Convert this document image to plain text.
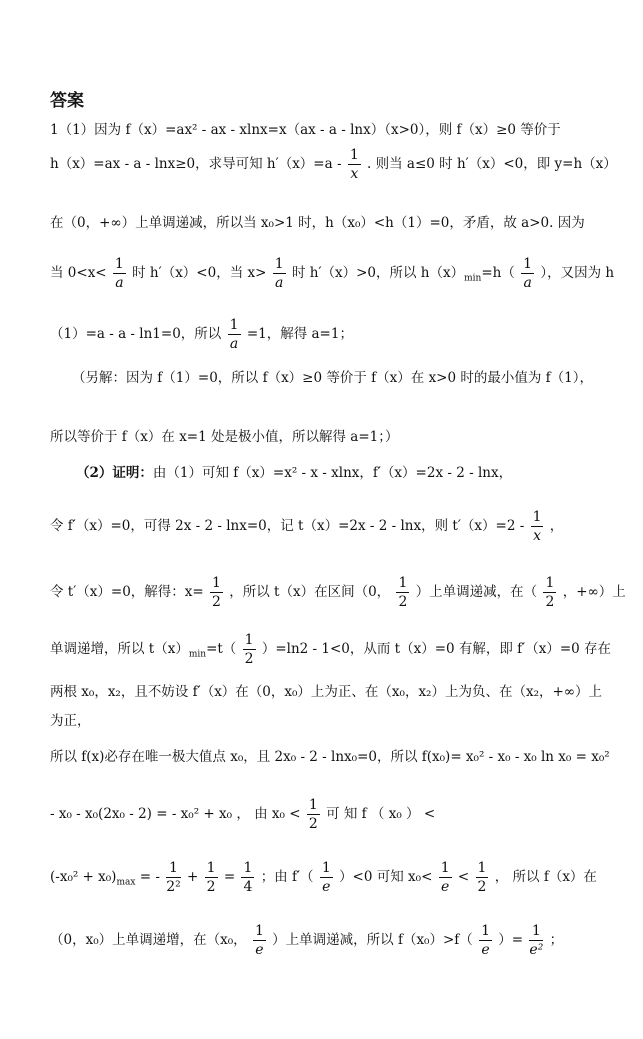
答案
1（1）因为 f（x）=ax² - ax - xlnx=x（ax - a - lnx）（x>0），则 f（x）≥0 等价于
h（x）=ax - a - lnx≥0，求导可知 $h'(x)=a - \frac{1}{x}$ . 则当 a≤0 时 h′（x）<0，即 y=h（x）
在（0，+∞）上单调递减，所以当 x₀>1 时，h（x₀）<h（1）=0，矛盾，故 a>0. 因为
当 $0<x< \frac{1}{a}$ 时 h′（x）<0，当 $x> \frac{1}{a}$ 时 h′（x）>0，所以 $h(x)_{min}=h( \frac{1}{a}$ ），又因为 h
（1）=a - a - ln1=0，所以 $\frac{1}{a} =1$，解得 a=1；
（另解：因为 f（1）=0，所以 f（x）≥0 等价于 f（x）在 x>0 时的最小值为 f（1），
所以等价于 f（x）在 x=1 处是极小值，所以解得 a=1；）
（2）证明：由（1）可知 f（x）=x² - x - xlnx，f′（x）=2x - 2 - lnx，
令 f′（x）=0，可得 2x - 2 - lnx=0，记 t（x）=2x - 2 - lnx，则 $t'(x)=2 - \frac{1}{x}$ ，
令 t′（x）=0，解得：$x= \frac{1}{2}$ ，所以 t（x）在区间（0， $\frac{1}{2}$ ）上单调递减，在（ $\frac{1}{2}$ ，+∞）上
单调递增，所以 $t(x)_{min}=t( \frac{1}{2} )=\ln 2 - 1<0$，从而 t（x）=0 有解，即 f′（x）=0 存在
两根 x₀，x₂，且不妨设 f′（x）在（0，x₀）上为正、在（x₀，x₂）上为负、在（x₂，+∞）上
为正，
所以 f(x)必存在唯一极大值点 x₀，且 2x₀ - 2 - lnx₀=0，所以 f(x₀)= x₀² - x₀ - x₀ ln x₀ = x₀²
- x₀ - x₀(2x₀ - 2) = - x₀² + x₀ ， 由 $x_0 < \frac{1}{2}$ 可 知 f （ x₀ ） <
$(-x_0^2 + x_0)_{max}$ = - $\frac{1}{\text{2²}} + \frac{1}{2} = \frac{1}{4}$ ；由 $f'( \frac{1}{e} )<0$ 可知 $x_0< \frac{1}{e} < \frac{1}{2}$ ， 所以 f（x）在
（0，x₀）上单调递增，在（x₀， $\frac{1}{e}$ ）上单调递减，所以 $f(x_0)>f( \frac{1}{e}$ ）= $\frac{1}{\text{e²}}$ ；
